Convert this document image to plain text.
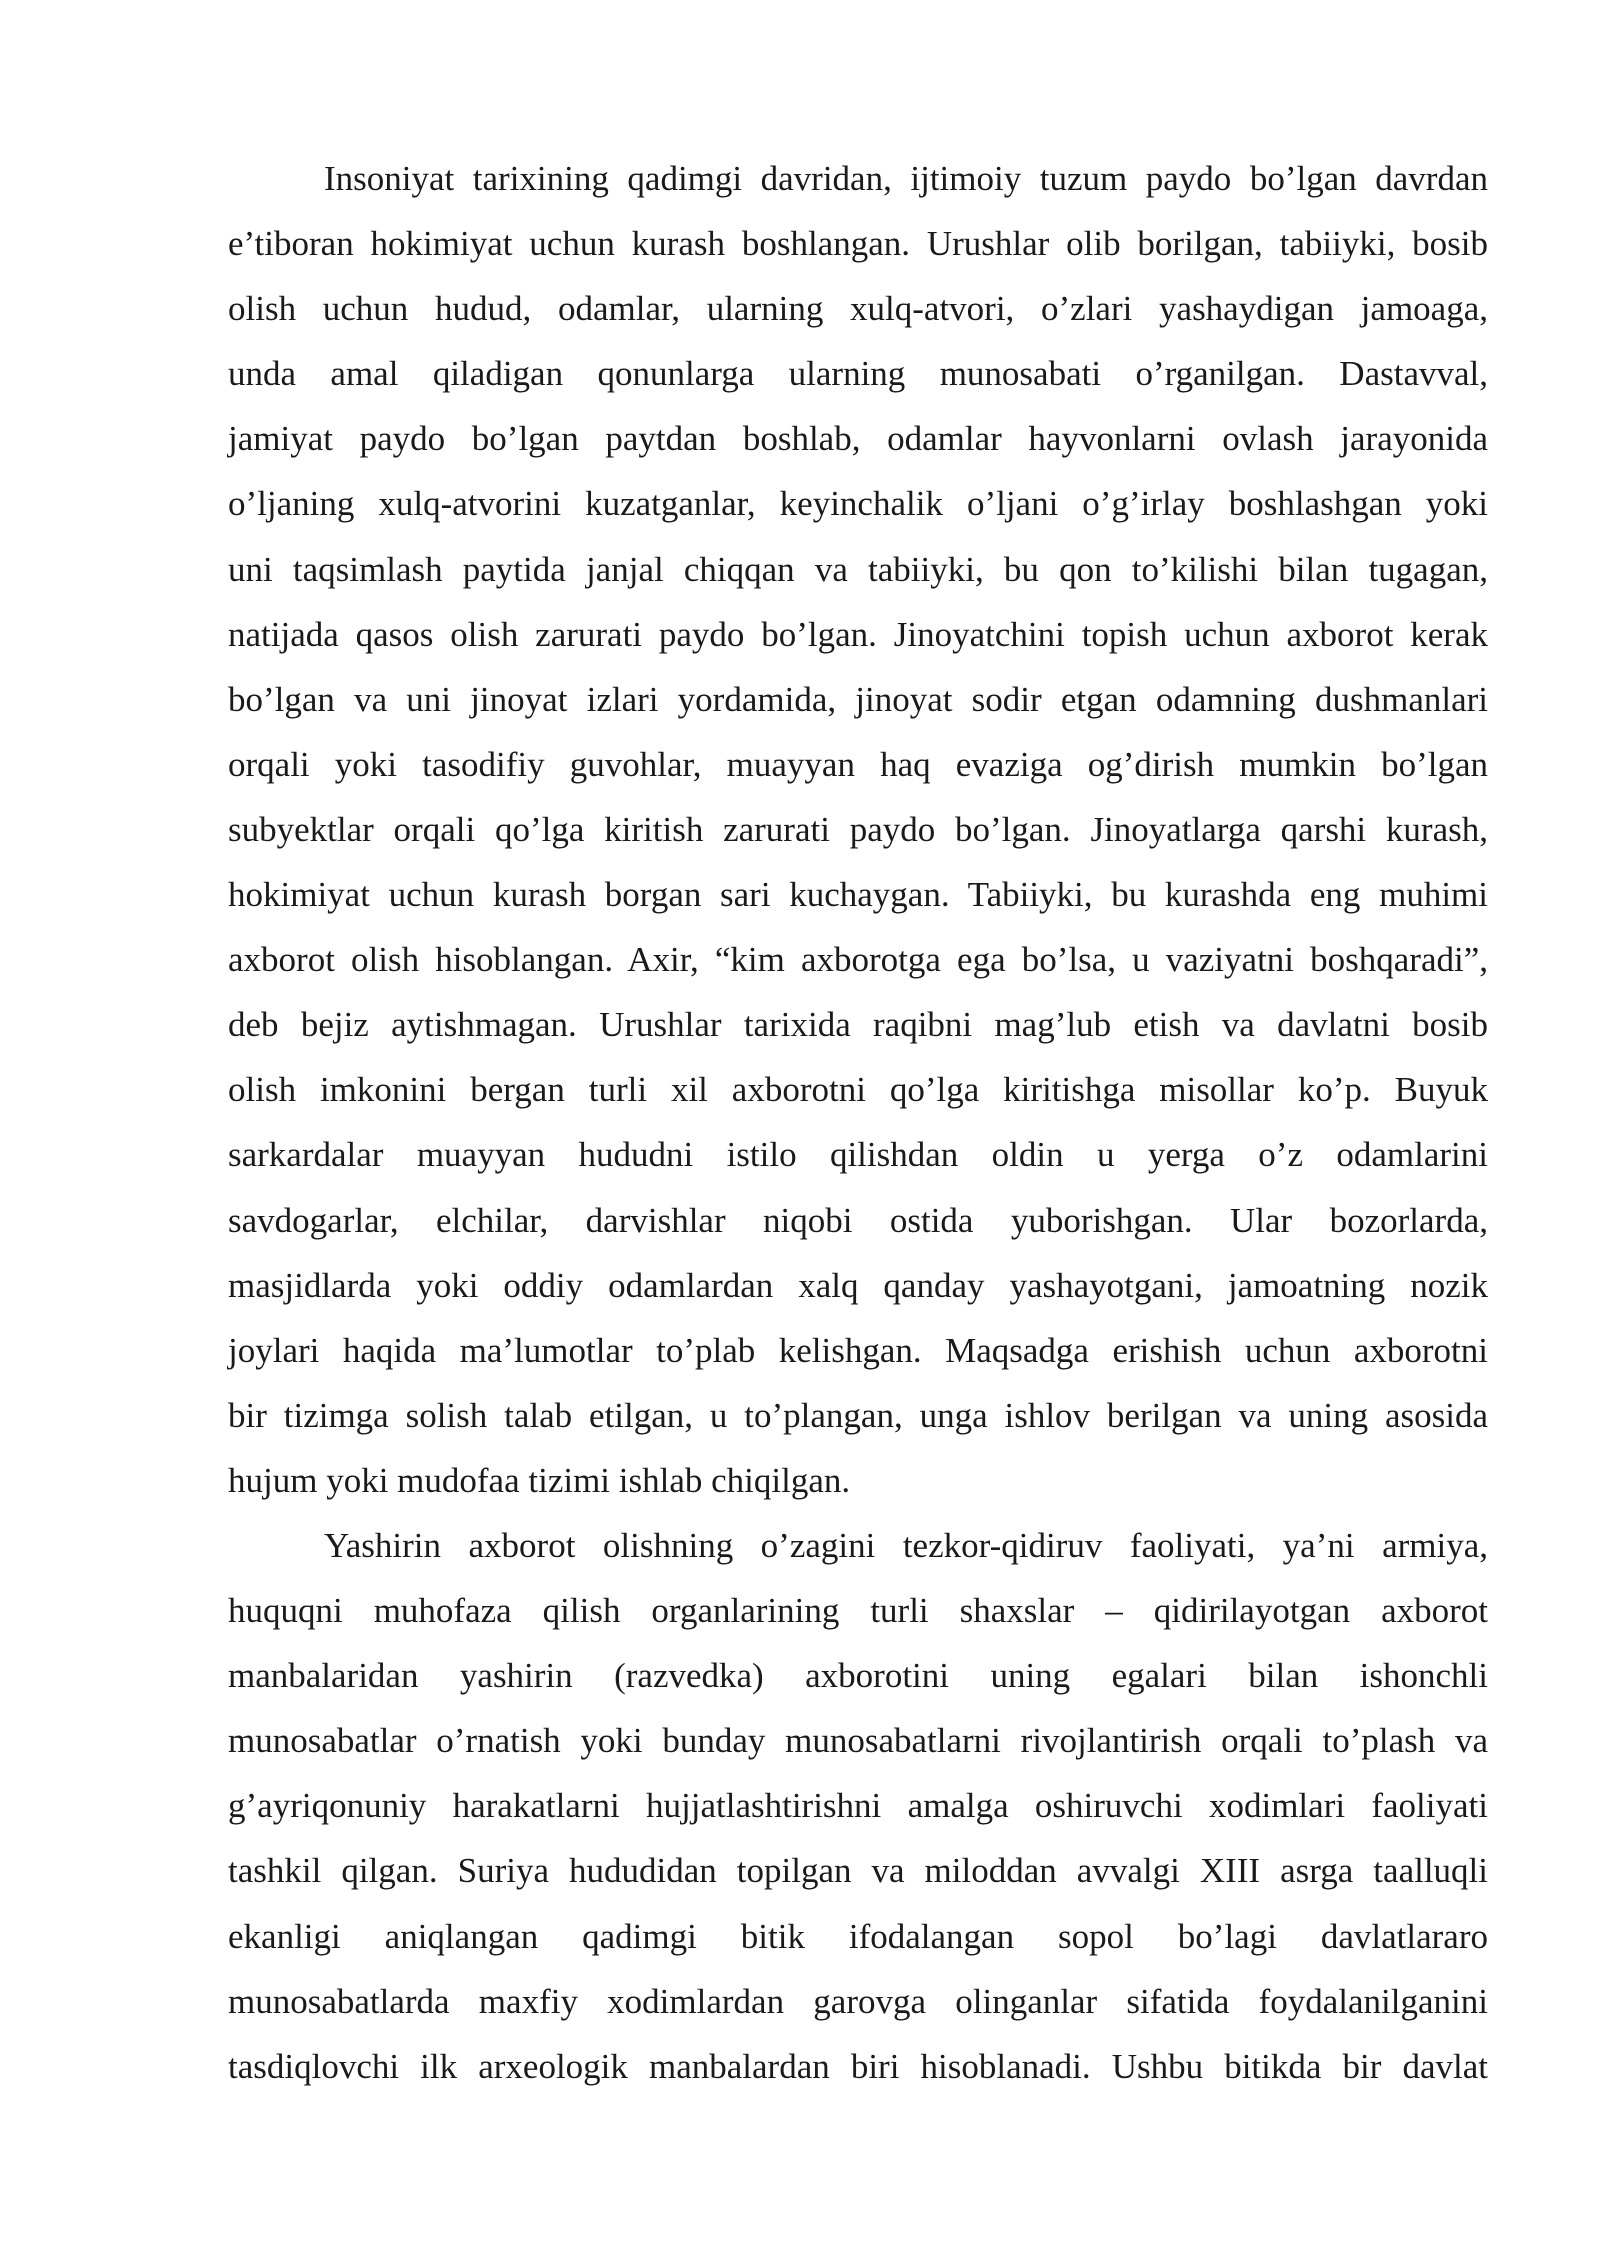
Insoniyat tarixining qadimgi davridan, ijtimoiy tuzum paydo bo’lgan davrdan
e’tiboran hokimiyat uchun kurash boshlangan. Urushlar olib borilgan, tabiiyki, bosib
olish uchun hudud, odamlar, ularning xulq-atvori, o’zlari yashaydigan jamoaga,
unda amal qiladigan qonunlarga ularning munosabati o’rganilgan. Dastavval,
jamiyat paydo bo’lgan paytdan boshlab, odamlar hayvonlarni ovlash jarayonida
o’ljaning xulq-atvorini kuzatganlar, keyinchalik o’ljani o’g’irlay boshlashgan yoki
uni taqsimlash paytida janjal chiqqan va tabiiyki, bu qon to’kilishi bilan tugagan,
natijada qasos olish zarurati paydo bo’lgan. Jinoyatchini topish uchun axborot kerak
bo’lgan va uni jinoyat izlari yordamida, jinoyat sodir etgan odamning dushmanlari
orqali yoki tasodifiy guvohlar, muayyan haq evaziga og’dirish mumkin bo’lgan
subyektlar orqali qo’lga kiritish zarurati paydo bo’lgan. Jinoyatlarga qarshi kurash,
hokimiyat uchun kurash borgan sari kuchaygan. Tabiiyki, bu kurashda eng muhimi
axborot olish hisoblangan. Axir, “kim axborotga ega bo’lsa, u vaziyatni boshqaradi”,
deb bejiz aytishmagan. Urushlar tarixida raqibni mag’lub etish va davlatni bosib
olish imkonini bergan turli xil axborotni qo’lga kiritishga misollar ko’p. Buyuk
sarkardalar muayyan hududni istilo qilishdan oldin u yerga o’z odamlarini
savdogarlar, elchilar, darvishlar niqobi ostida yuborishgan. Ular bozorlarda,
masjidlarda yoki oddiy odamlardan xalq qanday yashayotgani, jamoatning nozik
joylari haqida ma’lumotlar to’plab kelishgan. Maqsadga erishish uchun axborotni
bir tizimga solish talab etilgan, u to’plangan, unga ishlov berilgan va uning asosida
hujum yoki mudofaa tizimi ishlab chiqilgan.
Yashirin axborot olishning o’zagini tezkor-qidiruv faoliyati, ya’ni armiya,
huquqni muhofaza qilish organlarining turli shaxslar – qidirilayotgan axborot
manbalaridan yashirin (razvedka) axborotini uning egalari bilan ishonchli
munosabatlar o’rnatish yoki bunday munosabatlarni rivojlantirish orqali to’plash va
g’ayriqonuniy harakatlarni hujjatlashtirishni amalga oshiruvchi xodimlari faoliyati
tashkil qilgan. Suriya hududidan topilgan va miloddan avvalgi XIII asrga taalluqli
ekanligi aniqlangan qadimgi bitik ifodalangan sopol bo’lagi davlatlararo
munosabatlarda maxfiy xodimlardan garovga olinganlar sifatida foydalanilganini
tasdiqlovchi ilk arxeologik manbalardan biri hisoblanadi. Ushbu bitikda bir davlat
